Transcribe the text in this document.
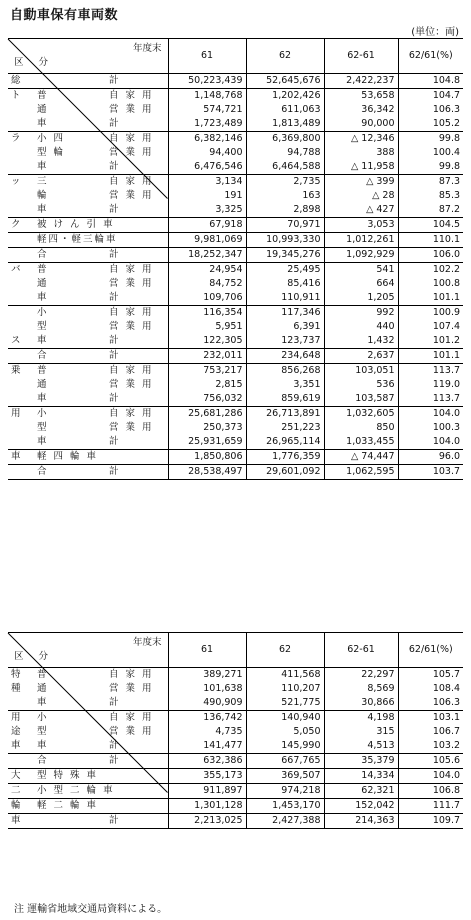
自動車保有車両数
(単位：両)
年度末
区 分			61	62	62-61	62/61(%)
総		計	50,223,439	52,645,676	2,422,237	104.8
ト	普	自 家 用	1,148,768	1,202,426	53,658	104.7
	通	営 業 用	574,721	611,063	36,342	106.3
	車	計	1,723,489	1,813,489	90,000	105.2
ラ	小 四	自 家 用	6,382,146	6,369,800	△ 12,346	99.8
	型 輪	営 業 用	94,400	94,788	388	100.4
	車	計	6,476,546	6,464,588	△ 11,958	99.8
ッ	三	自 家 用	3,134	2,735	△ 399	87.3
	輪	営 業 用	191	163	△ 28	85.3
	車	計	3,325	2,898	△ 427	87.2
ク	被 け ん 引 車		67,918	70,971	3,053	104.5
	軽四・軽三輪車		9,981,069	10,993,330	1,012,261	110.1
	合	計	18,252,347	19,345,276	1,092,929	106.0
バ	普	自 家 用	24,954	25,495	541	102.2
	通	営 業 用	84,752	85,416	664	100.8
	車	計	109,706	110,911	1,205	101.1
	小	自 家 用	116,354	117,346	992	100.9
	型	営 業 用	5,951	6,391	440	107.4
ス	車	計	122,305	123,737	1,432	101.2
	合	計	232,011	234,648	2,637	101.1
乗	普	自 家 用	753,217	856,268	103,051	113.7
	通	営 業 用	2,815	3,351	536	119.0
	車	計	756,032	859,619	103,587	113.7
用	小	自 家 用	25,681,286	26,713,891	1,032,605	104.0
	型	営 業 用	250,373	251,223	850	100.3
	車	計	25,931,659	26,965,114	1,033,455	104.0
車	軽 四 輪 車		1,850,806	1,776,359	△ 74,447	96.0
	合	計	28,538,497	29,601,092	1,062,595	103.7
年度末
区 分			61	62	62-61	62/61(%)
特	普	自 家 用	389,271	411,568	22,297	105.7
種	通	営 業 用	101,638	110,207	8,569	108.4
	車	計	490,909	521,775	30,866	106.3
用	小	自 家 用	136,742	140,940	4,198	103.1
途	型	営 業 用	4,735	5,050	315	106.7
車	車	計	141,477	145,990	4,513	103.2
	合	計	632,386	667,765	35,379	105.6
大	型 特 殊 車		355,173	369,507	14,334	104.0
二	小 型 二 輪 車		911,897	974,218	62,321	106.8
輪	軽 二 輪 車		1,301,128	1,453,170	152,042	111.7
車		計	2,213,025	2,427,388	214,363	109.7
注 運輸省地域交通局資料による。
